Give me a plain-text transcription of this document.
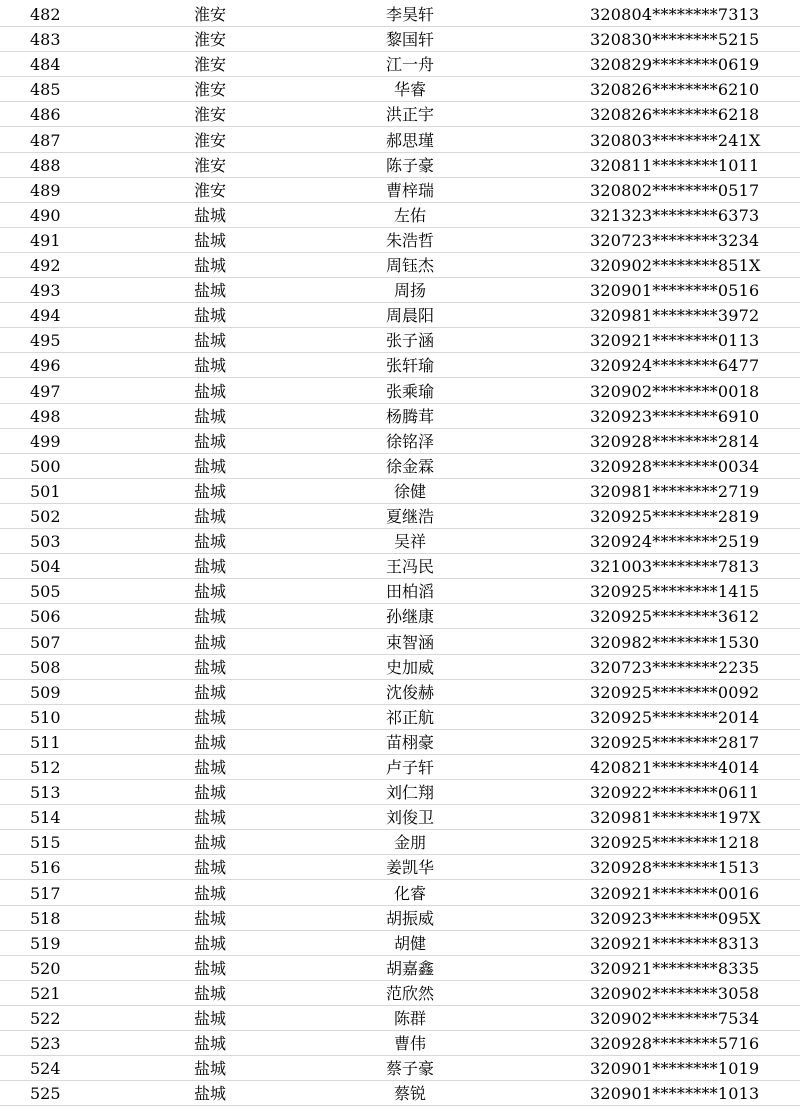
482	淮安	李昊轩	320804********7313
483	淮安	黎国轩	320830********5215
484	淮安	江一舟	320829********0619
485	淮安	华睿	320826********6210
486	淮安	洪正宇	320826********6218
487	淮安	郝思瑾	320803********241X
488	淮安	陈子豪	320811********1011
489	淮安	曹梓瑞	320802********0517
490	盐城	左佑	321323********6373
491	盐城	朱浩哲	320723********3234
492	盐城	周钰杰	320902********851X
493	盐城	周扬	320901********0516
494	盐城	周晨阳	320981********3972
495	盐城	张子涵	320921********0113
496	盐城	张轩瑜	320924********6477
497	盐城	张乘瑜	320902********0018
498	盐城	杨腾茸	320923********6910
499	盐城	徐铭泽	320928********2814
500	盐城	徐金霖	320928********0034
501	盐城	徐健	320981********2719
502	盐城	夏继浩	320925********2819
503	盐城	吴祥	320924********2519
504	盐城	王冯民	321003********7813
505	盐城	田柏滔	320925********1415
506	盐城	孙继康	320925********3612
507	盐城	束智涵	320982********1530
508	盐城	史加威	320723********2235
509	盐城	沈俊赫	320925********0092
510	盐城	祁正航	320925********2014
511	盐城	苗栩豪	320925********2817
512	盐城	卢子轩	420821********4014
513	盐城	刘仁翔	320922********0611
514	盐城	刘俊卫	320981********197X
515	盐城	金朋	320925********1218
516	盐城	姜凯华	320928********1513
517	盐城	化睿	320921********0016
518	盐城	胡振威	320923********095X
519	盐城	胡健	320921********8313
520	盐城	胡嘉鑫	320921********8335
521	盐城	范欣然	320902********3058
522	盐城	陈群	320902********7534
523	盐城	曹伟	320928********5716
524	盐城	蔡子豪	320901********1019
525	盐城	蔡锐	320901********1013
